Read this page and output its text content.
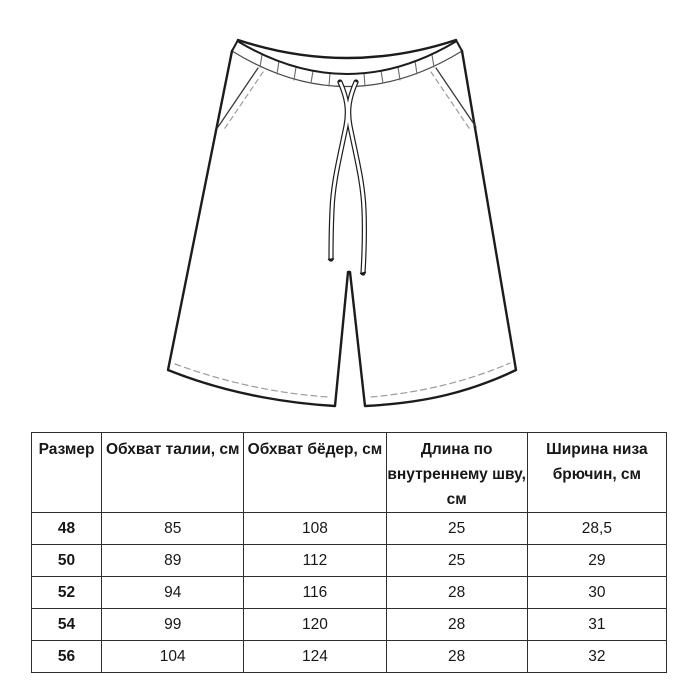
Размер	Обхват талии, см	Обхват бёдер, см	Длина по внутреннему шву, см	Ширина низа брючин, см
48	85	108	25	28,5
50	89	112	25	29
52	94	116	28	30
54	99	120	28	31
56	104	124	28	32
